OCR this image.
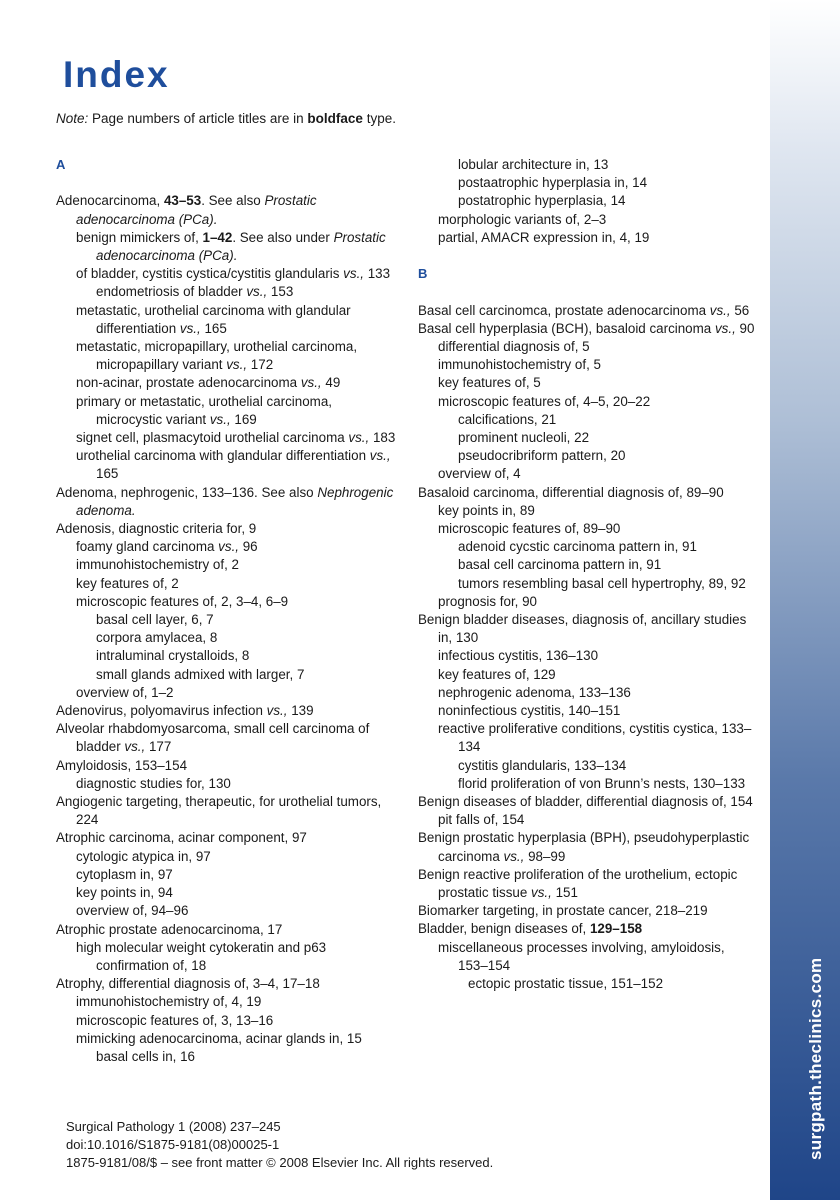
surgpath.theclinics.com
Index
Note: Page numbers of article titles are in boldface type.
A
Adenocarcinoma, 43–53. See also Prostatic adenocarcinoma (PCa).
benign mimickers of, 1–42. See also under Prostatic adenocarcinoma (PCa).
of bladder, cystitis cystica/cystitis glandularis vs., 133
endometriosis of bladder vs., 153
metastatic, urothelial carcinoma with glandular differentiation vs., 165
metastatic, micropapillary, urothelial carcinoma, micropapillary variant vs., 172
non-acinar, prostate adenocarcinoma vs., 49
primary or metastatic, urothelial carcinoma, microcystic variant vs., 169
signet cell, plasmacytoid urothelial carcinoma vs., 183
urothelial carcinoma with glandular differentiation vs., 165
Adenoma, nephrogenic, 133–136. See also Nephrogenic adenoma.
Adenosis, diagnostic criteria for, 9
foamy gland carcinoma vs., 96
immunohistochemistry of, 2
key features of, 2
microscopic features of, 2, 3–4, 6–9
basal cell layer, 6, 7
corpora amylacea, 8
intraluminal crystalloids, 8
small glands admixed with larger, 7
overview of, 1–2
Adenovirus, polyomavirus infection vs., 139
Alveolar rhabdomyosarcoma, small cell carcinoma of bladder vs., 177
Amyloidosis, 153–154
diagnostic studies for, 130
Angiogenic targeting, therapeutic, for urothelial tumors, 224
Atrophic carcinoma, acinar component, 97
cytologic atypica in, 97
cytoplasm in, 97
key points in, 94
overview of, 94–96
Atrophic prostate adenocarcinoma, 17
high molecular weight cytokeratin and p63 confirmation of, 18
Atrophy, differential diagnosis of, 3–4, 17–18
immunohistochemistry of, 4, 19
microscopic features of, 3, 13–16
mimicking adenocarcinoma, acinar glands in, 15
basal cells in, 16
lobular architecture in, 13
postaatrophic hyperplasia in, 14
postatrophic hyperplasia, 14
morphologic variants of, 2–3
partial, AMACR expression in, 4, 19
B
Basal cell carcinomca, prostate adenocarcinoma vs., 56
Basal cell hyperplasia (BCH), basaloid carcinoma vs., 90
differential diagnosis of, 5
immunohistochemistry of, 5
key features of, 5
microscopic features of, 4–5, 20–22
calcifications, 21
prominent nucleoli, 22
pseudocribriform pattern, 20
overview of, 4
Basaloid carcinoma, differential diagnosis of, 89–90
key points in, 89
microscopic features of, 89–90
adenoid cycstic carcinoma pattern in, 91
basal cell carcinoma pattern in, 91
tumors resembling basal cell hypertrophy, 89, 92
prognosis for, 90
Benign bladder diseases, diagnosis of, ancillary studies in, 130
infectious cystitis, 136–130
key features of, 129
nephrogenic adenoma, 133–136
noninfectious cystitis, 140–151
reactive proliferative conditions, cystitis cystica, 133–134
cystitis glandularis, 133–134
florid proliferation of von Brunn’s nests, 130–133
Benign diseases of bladder, differential diagnosis of, 154
pit falls of, 154
Benign prostatic hyperplasia (BPH), pseudohyperplastic carcinoma vs., 98–99
Benign reactive proliferation of the urothelium, ectopic prostatic tissue vs., 151
Biomarker targeting, in prostate cancer, 218–219
Bladder, benign diseases of, 129–158
miscellaneous processes involving, amyloidosis, 153–154
ectopic prostatic tissue, 151–152
Surgical Pathology 1 (2008) 237–245
doi:10.1016/S1875-9181(08)00025-1
1875-9181/08/$ – see front matter © 2008 Elsevier Inc. All rights reserved.
